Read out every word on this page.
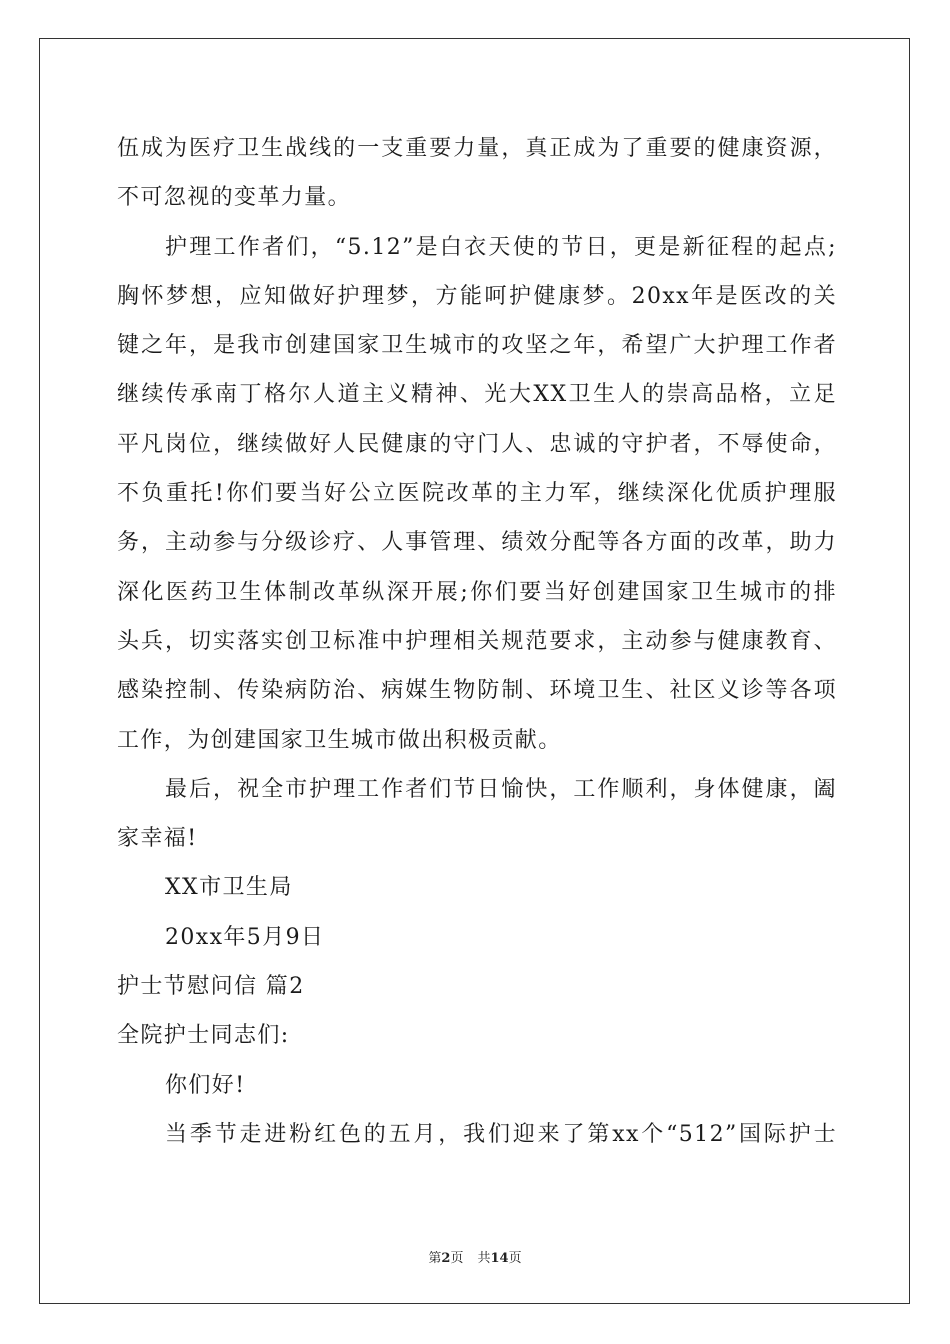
伍成为医疗卫生战线的一支重要力量，真正成为了重要的健康资源，
不可忽视的变革力量。
护理工作者们，“5.12”是白衣天使的节日，更是新征程的起点;
胸怀梦想，应知做好护理梦，方能呵护健康梦。20xx年是医改的关
键之年，是我市创建国家卫生城市的攻坚之年，希望广大护理工作者
继续传承南丁格尔人道主义精神、光大XX卫生人的崇高品格，立足
平凡岗位，继续做好人民健康的守门人、忠诚的守护者，不辱使命，
不负重托!你们要当好公立医院改革的主力军，继续深化优质护理服
务，主动参与分级诊疗、人事管理、绩效分配等各方面的改革，助力
深化医药卫生体制改革纵深开展;你们要当好创建国家卫生城市的排
头兵，切实落实创卫标准中护理相关规范要求，主动参与健康教育、
感染控制、传染病防治、病媒生物防制、环境卫生、社区义诊等各项
工作，为创建国家卫生城市做出积极贡献。
最后，祝全市护理工作者们节日愉快，工作顺利，身体健康，阖
家幸福!
XX市卫生局
20xx年5月9日
护士节慰问信 篇2
全院护士同志们:
你们好!
当季节走进粉红色的五月，我们迎来了第xx个“512”国际护士
第2页 共14页
